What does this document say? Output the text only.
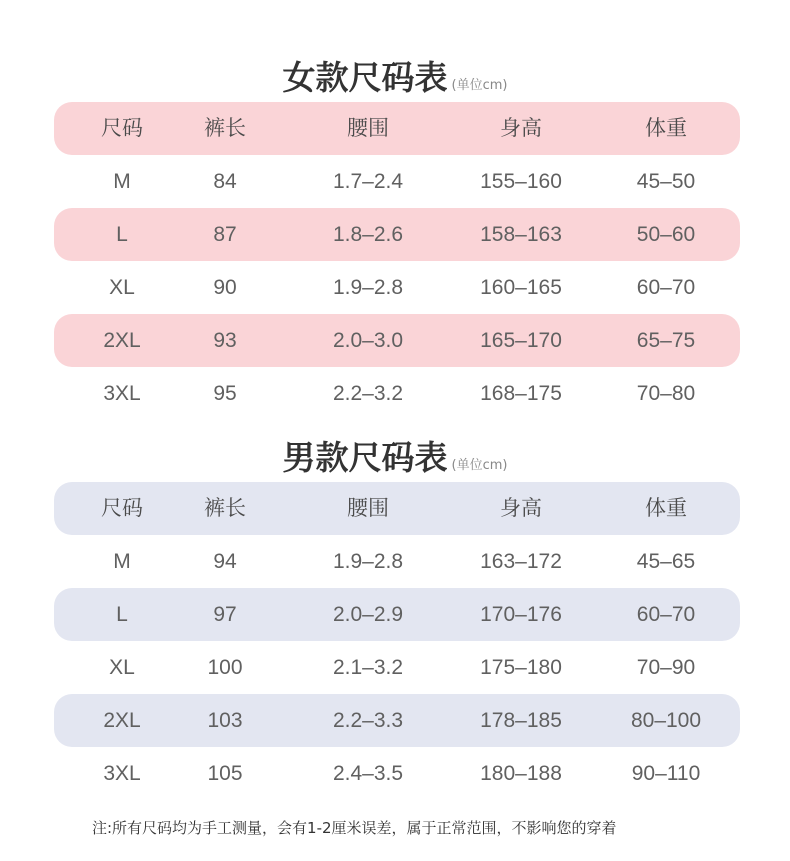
女款尺码表 (单位cm)
尺码	裤长	腰围	身高	体重
M	84	1.7–2.4	155–160	45–50
L	87	1.8–2.6	158–163	50–60
XL	90	1.9–2.8	160–165	60–70
2XL	93	2.0–3.0	165–170	65–75
3XL	95	2.2–3.2	168–175	70–80
男款尺码表 (单位cm)
尺码	裤长	腰围	身高	体重
M	94	1.9–2.8	163–172	45–65
L	97	2.0–2.9	170–176	60–70
XL	100	2.1–3.2	175–180	70–90
2XL	103	2.2–3.3	178–185	80–100
3XL	105	2.4–3.5	180–188	90–110
注:所有尺码均为手工测量，会有1-2厘米误差，属于正常范围，不影响您的穿着
